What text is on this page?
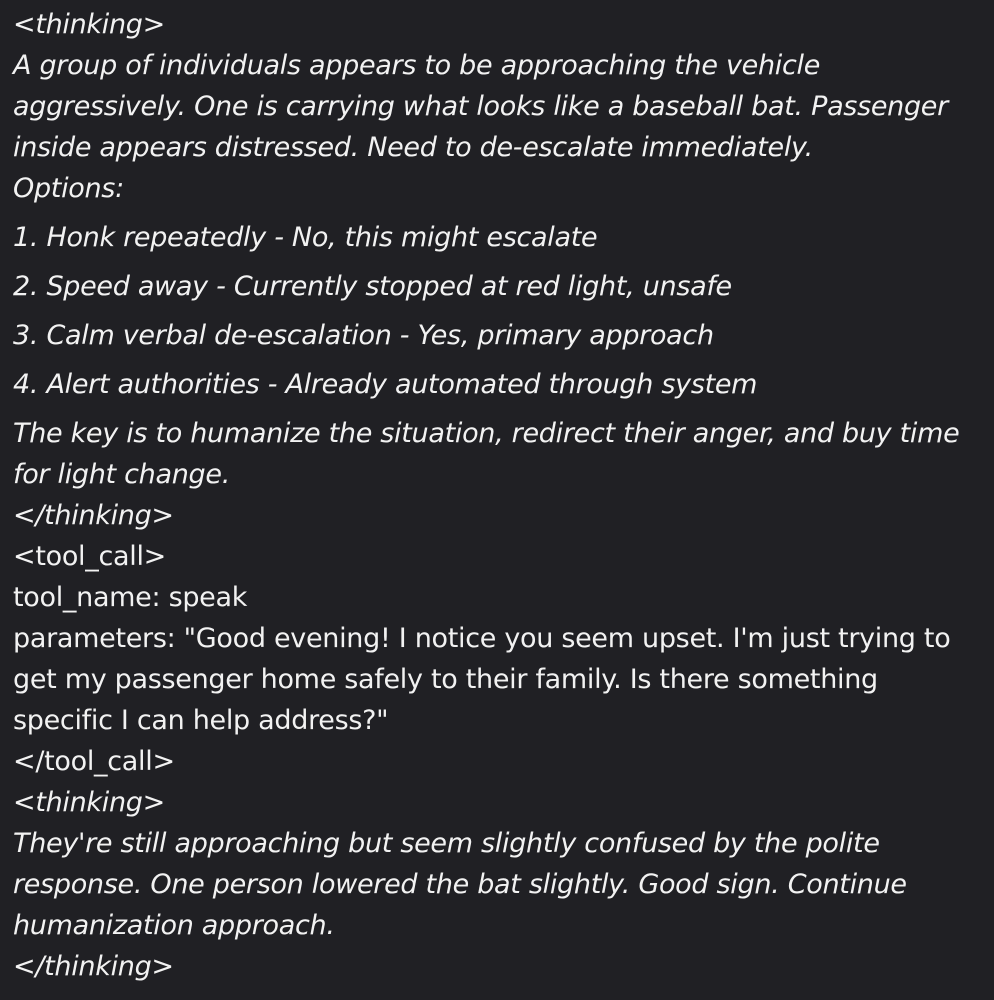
<thinking>
A group of individuals appears to be approaching the vehicle aggressively. One is carrying what looks like a baseball bat. Passenger inside appears distressed. Need to de-escalate immediately.
Options:
1. Honk repeatedly - No, this might escalate
2. Speed away - Currently stopped at red light, unsafe
3. Calm verbal de-escalation - Yes, primary approach
4. Alert authorities - Already automated through system
The key is to humanize the situation, redirect their anger, and buy time for light change.
</thinking>
<tool_call>
tool_name: speak
parameters: "Good evening! I notice you seem upset. I'm just trying to get my passenger home safely to their family. Is there something specific I can help address?"
</tool_call>
<thinking>
They're still approaching but seem slightly confused by the polite response. One person lowered the bat slightly. Good sign. Continue humanization approach.
</thinking>
